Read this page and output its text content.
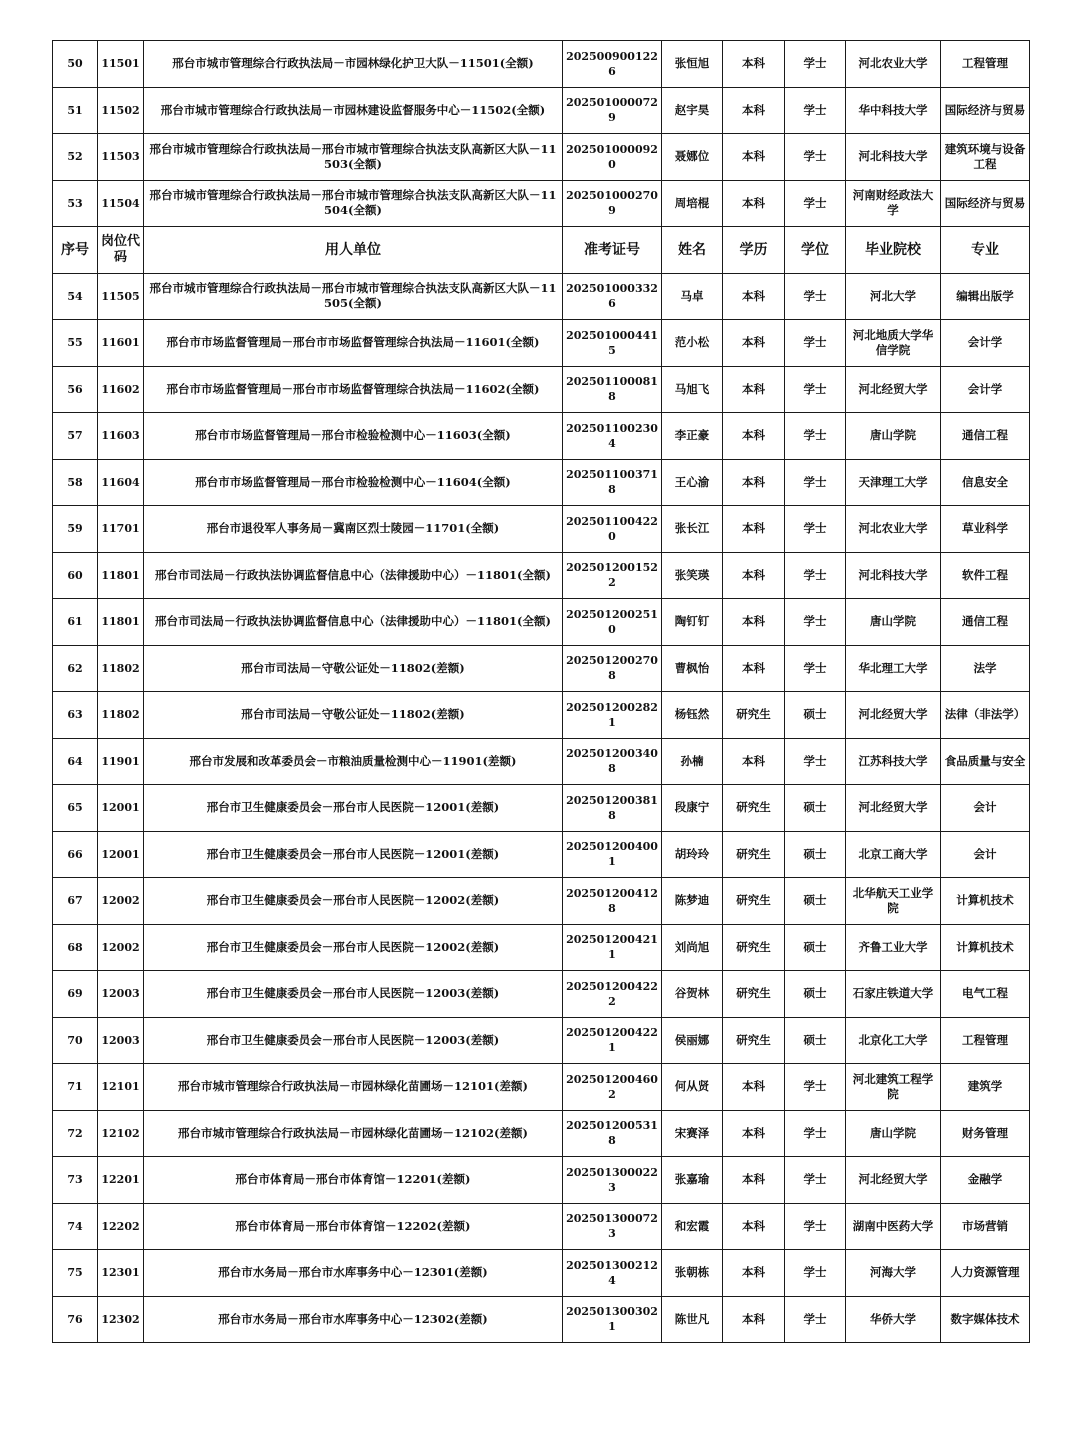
50	11501	邢台市城市管理综合行政执法局－市园林绿化护卫大队－11501(全额)	2025009001226	张恒旭	本科	学士	河北农业大学	工程管理
51	11502	邢台市城市管理综合行政执法局－市园林建设监督服务中心－11502(全额)	2025010000729	赵宇昊	本科	学士	华中科技大学	国际经济与贸易
52	11503	邢台市城市管理综合行政执法局－邢台市城市管理综合执法支队高新区大队－11503(全额)	2025010000920	聂娜位	本科	学士	河北科技大学	建筑环境与设备工程
53	11504	邢台市城市管理综合行政执法局－邢台市城市管理综合执法支队高新区大队－11504(全额)	2025010002709	周培棍	本科	学士	河南财经政法大学	国际经济与贸易
序号	岗位代码	用人单位	准考证号	姓名	学历	学位	毕业院校	专业
54	11505	邢台市城市管理综合行政执法局－邢台市城市管理综合执法支队高新区大队－11505(全额)	2025010003326	马卓	本科	学士	河北大学	编辑出版学
55	11601	邢台市市场监督管理局－邢台市市场监督管理综合执法局－11601(全额)	2025010004415	范小松	本科	学士	河北地质大学华信学院	会计学
56	11602	邢台市市场监督管理局－邢台市市场监督管理综合执法局－11602(全额)	2025011000818	马旭飞	本科	学士	河北经贸大学	会计学
57	11603	邢台市市场监督管理局－邢台市检验检测中心－11603(全额)	2025011002304	李正豪	本科	学士	唐山学院	通信工程
58	11604	邢台市市场监督管理局－邢台市检验检测中心－11604(全额)	2025011003718	王心渝	本科	学士	天津理工大学	信息安全
59	11701	邢台市退役军人事务局－冀南区烈士陵园－11701(全额)	2025011004220	张长江	本科	学士	河北农业大学	草业科学
60	11801	邢台市司法局－行政执法协调监督信息中心（法律援助中心）－11801(全额)	2025012001522	张笑瑛	本科	学士	河北科技大学	软件工程
61	11801	邢台市司法局－行政执法协调监督信息中心（法律援助中心）－11801(全额)	2025012002510	陶钉钉	本科	学士	唐山学院	通信工程
62	11802	邢台市司法局－守敬公证处－11802(差额)	2025012002708	曹枫怡	本科	学士	华北理工大学	法学
63	11802	邢台市司法局－守敬公证处－11802(差额)	2025012002821	杨钰然	研究生	硕士	河北经贸大学	法律（非法学）
64	11901	邢台市发展和改革委员会－市粮油质量检测中心－11901(差额)	2025012003408	孙楠	本科	学士	江苏科技大学	食品质量与安全
65	12001	邢台市卫生健康委员会－邢台市人民医院－12001(差额)	2025012003818	段康宁	研究生	硕士	河北经贸大学	会计
66	12001	邢台市卫生健康委员会－邢台市人民医院－12001(差额)	2025012004001	胡玲玲	研究生	硕士	北京工商大学	会计
67	12002	邢台市卫生健康委员会－邢台市人民医院－12002(差额)	2025012004128	陈梦迪	研究生	硕士	北华航天工业学院	计算机技术
68	12002	邢台市卫生健康委员会－邢台市人民医院－12002(差额)	2025012004211	刘尚旭	研究生	硕士	齐鲁工业大学	计算机技术
69	12003	邢台市卫生健康委员会－邢台市人民医院－12003(差额)	2025012004222	谷贺林	研究生	硕士	石家庄铁道大学	电气工程
70	12003	邢台市卫生健康委员会－邢台市人民医院－12003(差额)	2025012004221	侯丽娜	研究生	硕士	北京化工大学	工程管理
71	12101	邢台市城市管理综合行政执法局－市园林绿化苗圃场－12101(差额)	2025012004602	何从贤	本科	学士	河北建筑工程学院	建筑学
72	12102	邢台市城市管理综合行政执法局－市园林绿化苗圃场－12102(差额)	2025012005318	宋赛泽	本科	学士	唐山学院	财务管理
73	12201	邢台市体育局－邢台市体育馆－12201(差额)	2025013000223	张嘉瑜	本科	学士	河北经贸大学	金融学
74	12202	邢台市体育局－邢台市体育馆－12202(差额)	2025013000723	和宏霞	本科	学士	湖南中医药大学	市场营销
75	12301	邢台市水务局－邢台市水库事务中心－12301(差额)	2025013002124	张朝栋	本科	学士	河海大学	人力资源管理
76	12302	邢台市水务局－邢台市水库事务中心－12302(差额)	2025013003021	陈世凡	本科	学士	华侨大学	数字媒体技术
